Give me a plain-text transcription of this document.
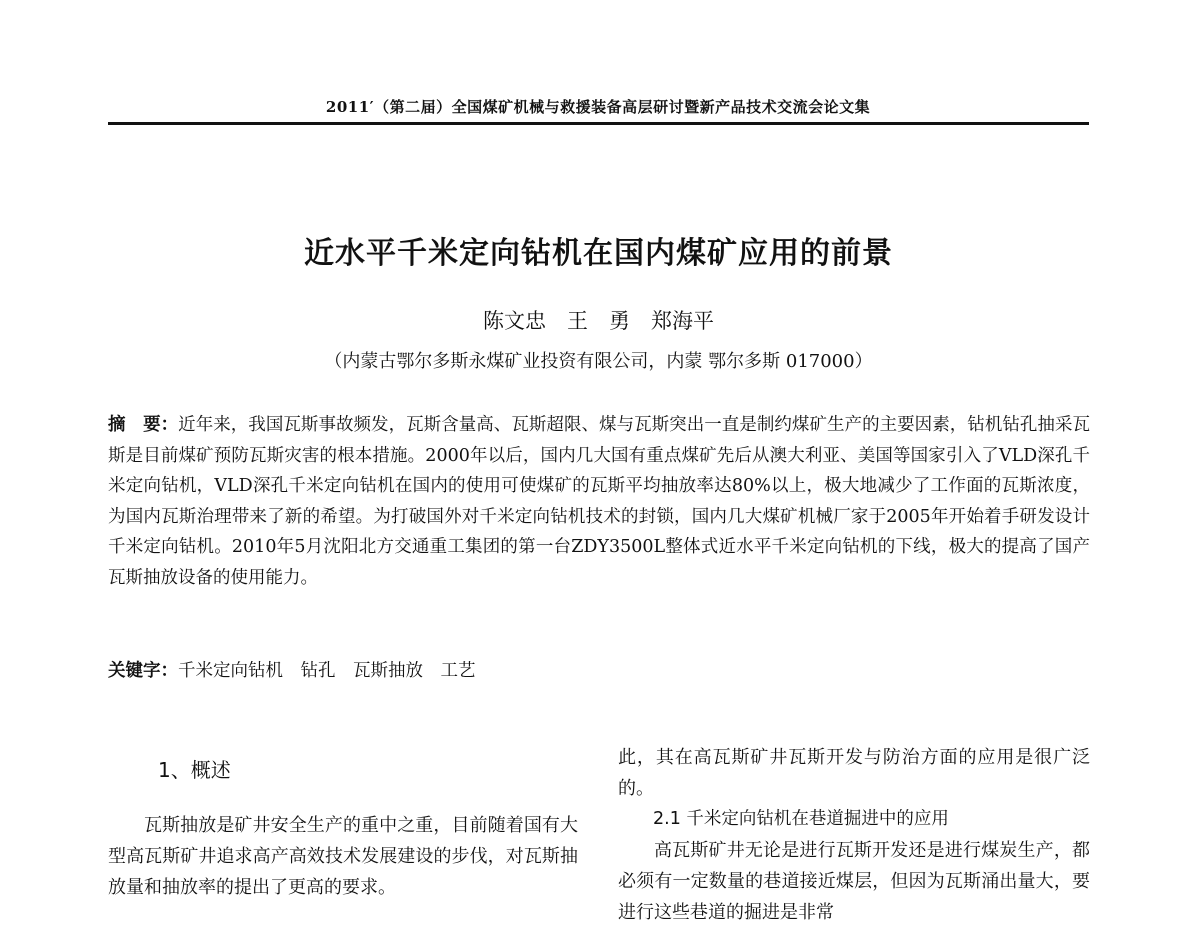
2011′（第二届）全国煤矿机械与救援装备高层研讨暨新产品技术交流会论文集
近水平千米定向钻机在国内煤矿应用的前景
陈文忠　王　勇　郑海平
（内蒙古鄂尔多斯永煤矿业投资有限公司，内蒙 鄂尔多斯 017000）
摘　要：近年来，我国瓦斯事故频发，瓦斯含量高、瓦斯超限、煤与瓦斯突出一直是制约煤矿生产的主要因素，钻机钻孔抽采瓦斯是目前煤矿预防瓦斯灾害的根本措施。2000年以后，国内几大国有重点煤矿先后从澳大利亚、美国等国家引入了VLD深孔千米定向钻机，VLD深孔千米定向钻机在国内的使用可使煤矿的瓦斯平均抽放率达80%以上，极大地减少了工作面的瓦斯浓度，为国内瓦斯治理带来了新的希望。为打破国外对千米定向钻机技术的封锁，国内几大煤矿机械厂家于2005年开始着手研发设计千米定向钻机。2010年5月沈阳北方交通重工集团的第一台ZDY3500L整体式近水平千米定向钻机的下线，极大的提高了国产瓦斯抽放设备的使用能力。
关键字：千米定向钻机　钻孔　瓦斯抽放　工艺
1、概述

瓦斯抽放是矿井安全生产的重中之重，目前随着国有大型高瓦斯矿井追求高产高效技术发展建设的步伐，对瓦斯抽放量和抽放率的提出了更高的要求。

此，其在高瓦斯矿井瓦斯开发与防治方面的应用是很广泛的。

2.1 千米定向钻机在巷道掘进中的应用

高瓦斯矿井无论是进行瓦斯开发还是进行煤炭生产，都必须有一定数量的巷道接近煤层，但因为瓦斯涌出量大，要进行这些巷道的掘进是非常
